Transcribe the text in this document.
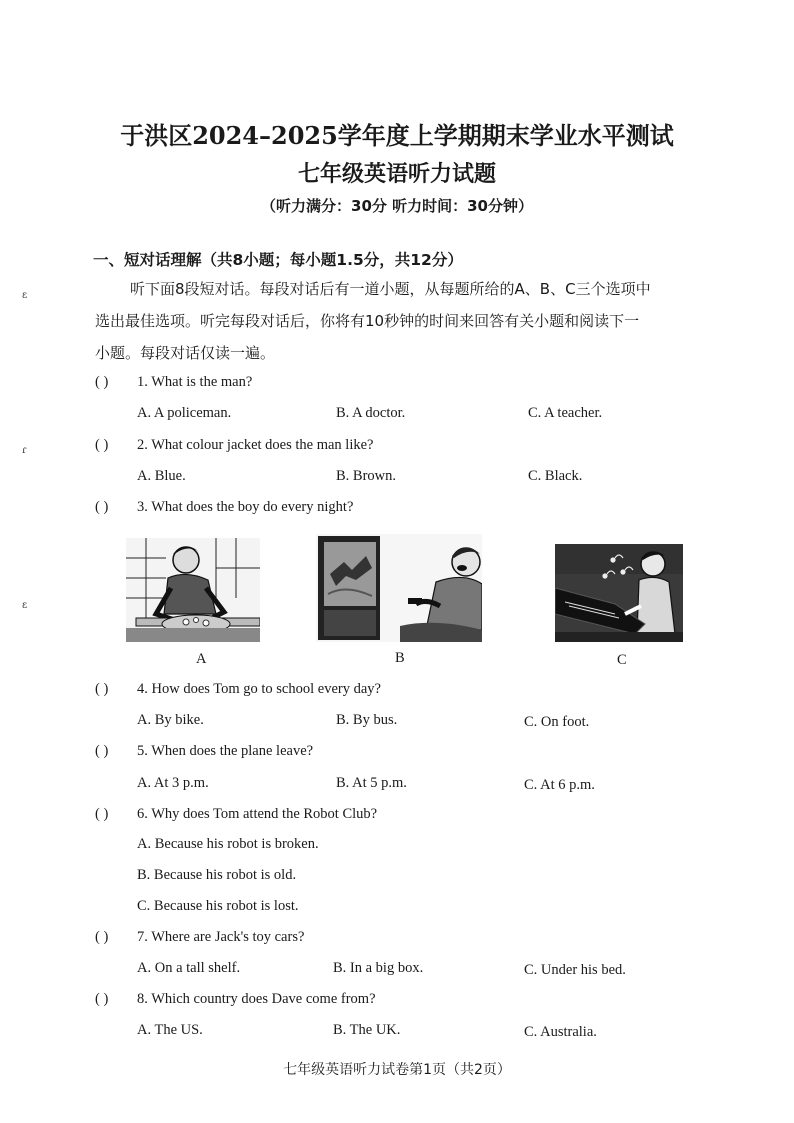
ɛ
ɾ
ɛ
于洪区2024–2025学年度上学期期末学业水平测试
七年级英语听力试题
（听力满分：30分 听力时间：30分钟）
一、短对话理解（共8小题；每小题1.5分，共12分）
听下面8段短对话。每段对话后有一道小题，从每题所给的A、B、C三个选项中
选出最佳选项。听完每段对话后，你将有10秒钟的时间来回答有关小题和阅读下一
小题。每段对话仅读一遍。
( ) 1. What is the man?
A. A policeman.	B. A doctor.	C. A teacher.
( ) 2. What colour jacket does the man like?
A. Blue.	B. Brown.	C. Black.
( ) 3. What does the boy do every night?
A	B	C
( ) 4. How does Tom go to school every day?
A. By bike.	B. By bus.	C. On foot.
( ) 5. When does the plane leave?
A. At 3 p.m.	B. At 5 p.m.	C. At 6 p.m.
( ) 6. Why does Tom attend the Robot Club?
A. Because his robot is broken.
B. Because his robot is old.
C. Because his robot is lost.
( ) 7. Where are Jack's toy cars?
A. On a tall shelf.	B. In a big box.	C. Under his bed.
( ) 8. Which country does Dave come from?
A. The US.	B. The UK.	C. Australia.
七年级英语听力试卷第1页（共2页）
